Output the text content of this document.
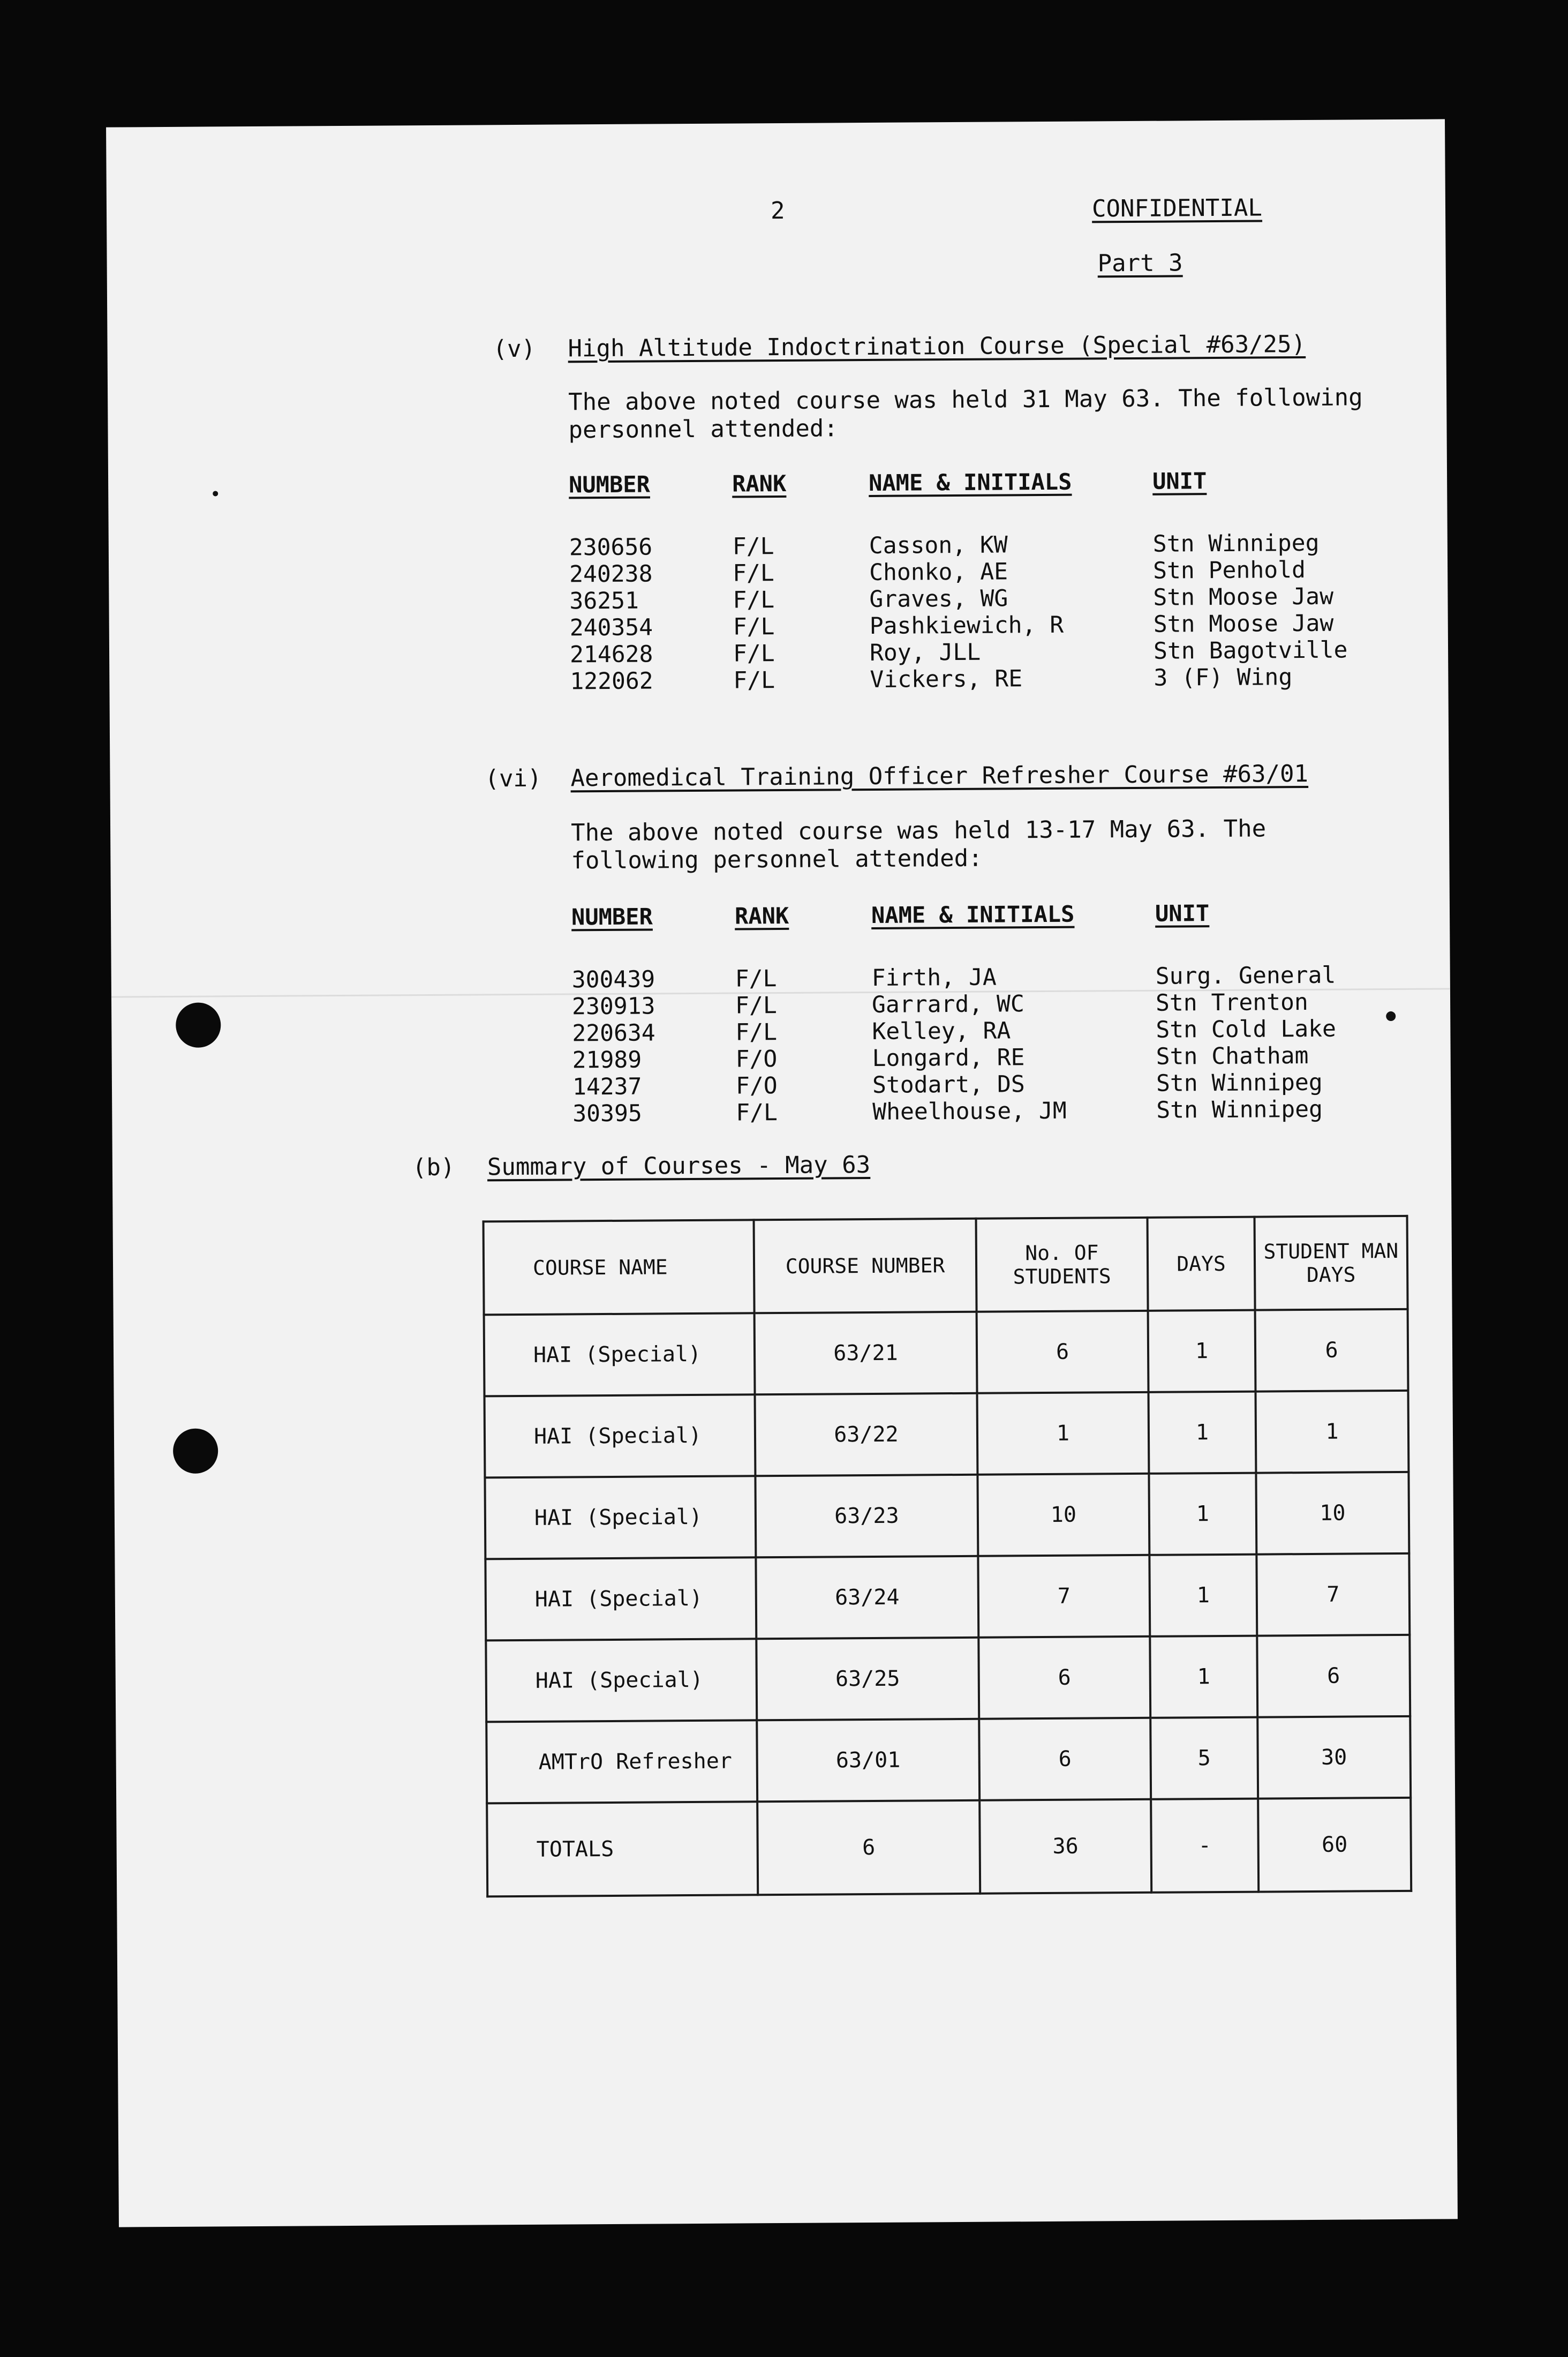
2	CONFIDENTIAL
Part 3
(v) High Altitude Indoctrination Course (Special #63/25)
The above noted course was held 31 May 63. The following
personnel attended:
NUMBER	RANK	NAME & INITIALS	UNIT
230656	F/L	Casson, KW	Stn Winnipeg
240238	F/L	Chonko, AE	Stn Penhold
36251	F/L	Graves, WG	Stn Moose Jaw
240354	F/L	Pashkiewich, R	Stn Moose Jaw
214628	F/L	Roy, JLL	Stn Bagotville
122062	F/L	Vickers, RE	3 (F) Wing
(vi) Aeromedical Training Officer Refresher Course #63/01
The above noted course was held 13-17 May 63. The
following personnel attended:
NUMBER	RANK	NAME & INITIALS	UNIT
300439	F/L	Firth, JA	Surg. General
230913	F/L	Garrard, WC	Stn Trenton
220634	F/L	Kelley, RA	Stn Cold Lake
21989	F/O	Longard, RE	Stn Chatham
14237	F/O	Stodart, DS	Stn Winnipeg
30395	F/L	Wheelhouse, JM	Stn Winnipeg
(b) Summary of Courses - May 63
COURSE NAME	COURSE NUMBER	No. OF STUDENTS	DAYS	STUDENT MAN DAYS
HAI (Special)	63/21	6	1	6
HAI (Special)	63/22	1	1	1
HAI (Special)	63/23	10	1	10
HAI (Special)	63/24	7	1	7
HAI (Special)	63/25	6	1	6
AMTrO Refresher	63/01	6	5	30
TOTALS	6	36	-	60
